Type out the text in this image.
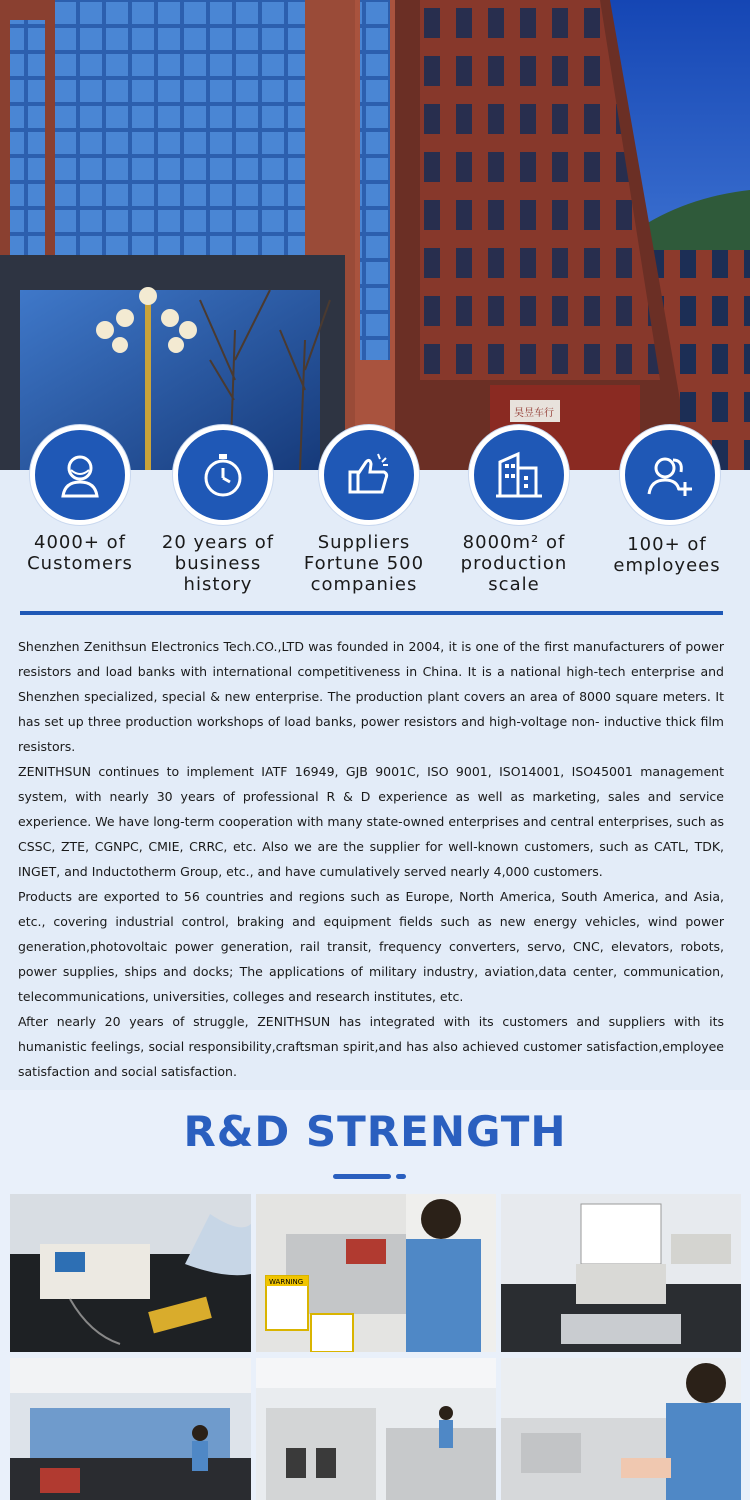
昊昱车行
4000+ of
Customers
20 years of
business
history
Suppliers
Fortune 500
companies
8000m² of
production
scale
100+ of
employees

Shenzhen Zenithsun Electronics Tech.CO.,LTD was founded in 2004, it is one of the first manufacturers of power resistors and load banks with international competitiveness in China. It is a national high-tech enterprise and Shenzhen specialized, special & new enterprise. The production plant covers an area of 8000 square meters. It has set up three production workshops of load banks, power resistors and high-voltage non- inductive thick film resistors.

ZENITHSUN continues to implement IATF 16949, GJB 9001C, ISO 9001, ISO14001, ISO45001 management system, with nearly 30 years of professional R & D experience as well as marketing, sales and service experience. We have long-term cooperation with many state-owned enterprises and central enterprises, such as CSSC, ZTE, CGNPC, CMIE, CRRC, etc. Also we are the supplier for well-known customers, such as CATL, TDK, INGET, and Inductotherm Group, etc., and have cumulatively served nearly 4,000 customers.

Products are exported to 56 countries and regions such as Europe, North America, South America, and Asia, etc., covering industrial control, braking and equipment fields such as new energy vehicles, wind power generation,photovoltaic power generation, rail transit, frequency converters, servo, CNC, elevators, robots, power supplies, ships and docks; The applications of military industry, aviation,data center, communication, telecommunications, universities, colleges and research institutes, etc.

After nearly 20 years of struggle, ZENITHSUN has integrated with its customers and suppliers with its humanistic feelings, social responsibility,craftsman spirit,and has also achieved customer satisfaction,employee satisfaction and social satisfaction.

R&D STRENGTH
WARNING
